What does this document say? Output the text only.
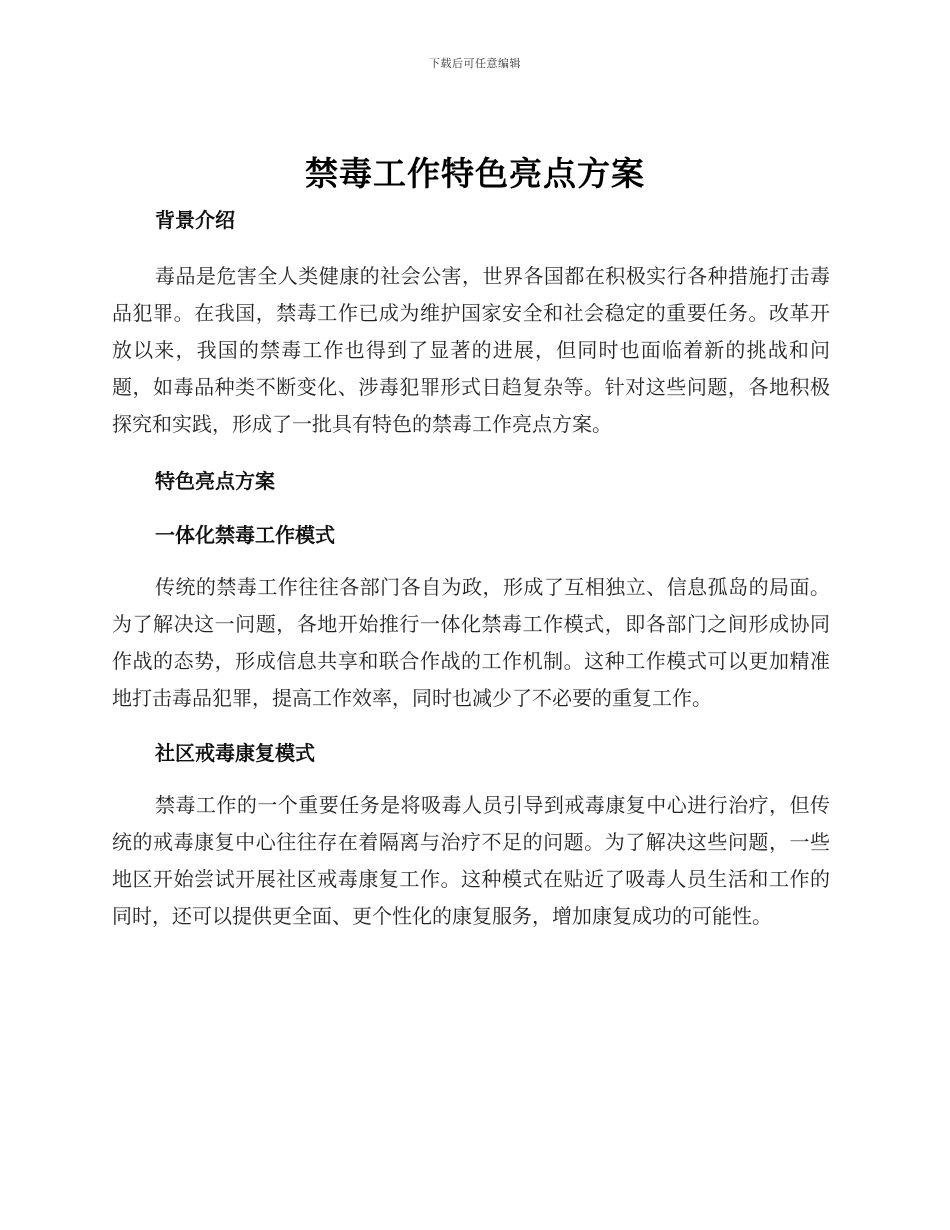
下载后可任意编辑
禁毒工作特色亮点方案

背景介绍

毒品是危害全人类健康的社会公害，世界各国都在积极实行各种措施打击毒品犯罪。在我国，禁毒工作已成为维护国家安全和社会稳定的重要任务。改革开放以来，我国的禁毒工作也得到了显著的进展，但同时也面临着新的挑战和问题，如毒品种类不断变化、涉毒犯罪形式日趋复杂等。针对这些问题，各地积极探究和实践，形成了一批具有特色的禁毒工作亮点方案。

特色亮点方案

一体化禁毒工作模式

传统的禁毒工作往往各部门各自为政，形成了互相独立、信息孤岛的局面。为了解决这一问题，各地开始推行一体化禁毒工作模式，即各部门之间形成协同作战的态势，形成信息共享和联合作战的工作机制。这种工作模式可以更加精准地打击毒品犯罪，提高工作效率，同时也减少了不必要的重复工作。

社区戒毒康复模式

禁毒工作的一个重要任务是将吸毒人员引导到戒毒康复中心进行治疗，但传统的戒毒康复中心往往存在着隔离与治疗不足的问题。为了解决这些问题，一些地区开始尝试开展社区戒毒康复工作。这种模式在贴近了吸毒人员生活和工作的同时，还可以提供更全面、更个性化的康复服务，增加康复成功的可能性。
